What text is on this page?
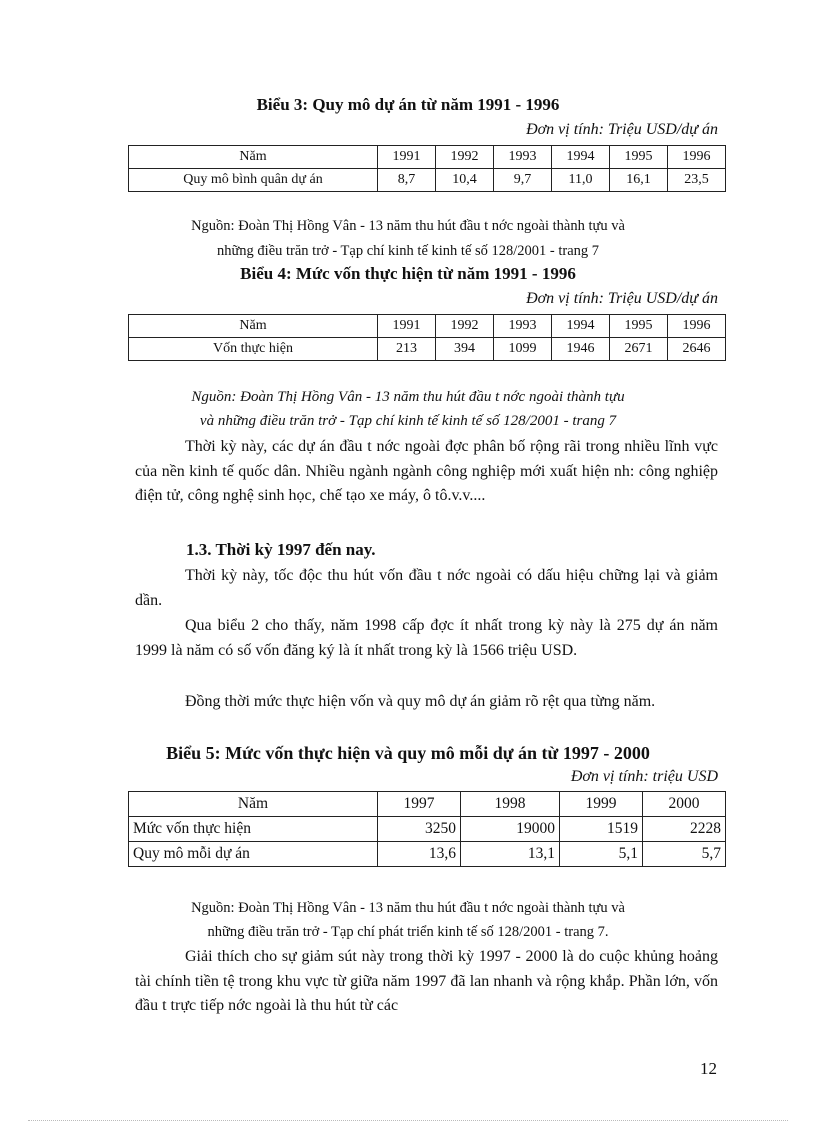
Biểu 3: Quy mô dự án từ năm 1991 - 1996
Đơn vị tính: Triệu USD/dự án
Năm	1991	1992	1993	1994	1995	1996
Quy mô bình quân dự án	8,7	10,4	9,7	11,0	16,1	23,5
Nguồn: Đoàn Thị Hồng Vân - 13 năm thu hút đầu t nớc ngoài thành tựu và
những điều trăn trở - Tạp chí kinh tế kinh tế số 128/2001 - trang 7
Biểu 4: Mức vốn thực hiện từ năm 1991 - 1996
Đơn vị tính: Triệu USD/dự án
Năm	1991	1992	1993	1994	1995	1996
Vốn thực hiện	213	394	1099	1946	2671	2646
Nguồn: Đoàn Thị Hồng Vân - 13 năm thu hút đầu t nớc ngoài thành tựu
và những điều trăn trở - Tạp chí kinh tế kinh tế số 128/2001 - trang 7
Thời kỳ này, các dự án đầu t nớc ngoài đợc phân bố rộng rãi trong nhiều lĩnh vực của nền kinh tế quốc dân. Nhiều ngành ngành công nghiệp mới xuất hiện nh: công nghiệp điện tử, công nghệ sinh học, chế tạo xe máy, ô tô.v.v....
1.3. Thời kỳ 1997 đến nay.
Thời kỳ này, tốc độc thu hút vốn đầu t nớc ngoài có dấu hiệu chững lại và giảm dần.
Qua biểu 2 cho thấy, năm 1998 cấp đợc ít nhất trong kỳ này là 275 dự án năm 1999 là năm có số vốn đăng ký là ít nhất trong kỳ là 1566 triệu USD.
Đồng thời mức thực hiện vốn và quy mô dự án giảm rõ rệt qua từng năm.
Biểu 5: Mức vốn thực hiện và quy mô mỗi dự án từ 1997 - 2000
Đơn vị tính: triệu USD
Năm	1997	1998	1999	2000
Mức vốn thực hiện	3250	19000	1519	2228
Quy mô mỗi dự án	13,6	13,1	5,1	5,7
Nguồn: Đoàn Thị Hồng Vân - 13 năm thu hút đầu t nớc ngoài thành tựu và
những điều trăn trở - Tạp chí phát triển kinh tế số 128/2001 - trang 7.
Giải thích cho sự giảm sút này trong thời kỳ 1997 - 2000 là do cuộc khủng hoảng tài chính tiền tệ trong khu vực từ giữa năm 1997 đã lan nhanh và rộng khắp. Phần lớn, vốn đầu t trực tiếp nớc ngoài là thu hút từ các
12
